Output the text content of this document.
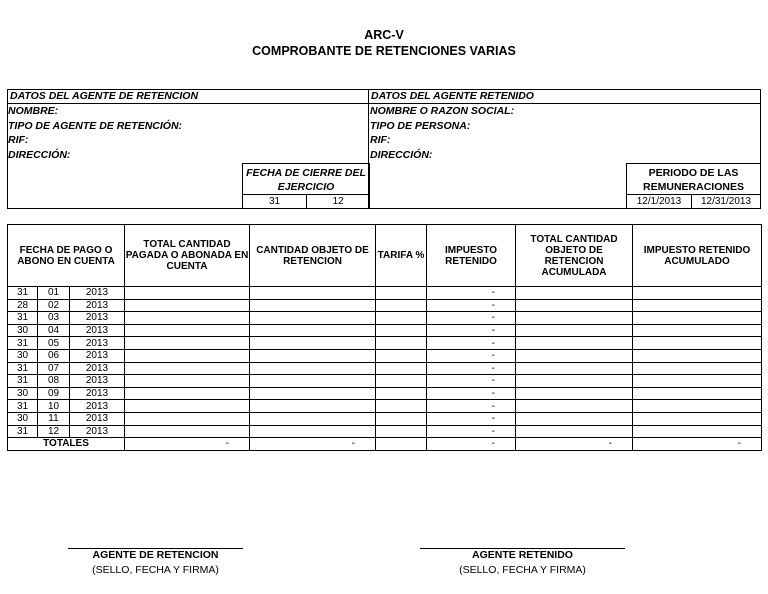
ARC-V
COMPROBANTE DE RETENCIONES VARIAS
DATOS DEL AGENTE DE RETENCION
NOMBRE:
TIPO DE AGENTE DE RETENCIÓN:
RIF:
DIRECCIÓN:
FECHA DE CIERRE DEL EJERCICIO
31	12
DATOS DEL AGENTE RETENIDO
NOMBRE O RAZON SOCIAL:
TIPO DE PERSONA:
RIF:
DIRECCIÓN:
PERIODO DE LAS REMUNERACIONES
12/1/2013	12/31/2013
FECHA DE PAGO O ABONO EN CUENTA			TOTAL CANTIDAD PAGADA O ABONADA EN CUENTA	CANTIDAD OBJETO DE RETENCION	TARIFA %	IMPUESTO RETENIDO	TOTAL CANTIDAD OBJETO DE RETENCION ACUMULADA	IMPUESTO RETENIDO ACUMULADO
31	01	2013				-		
28	02	2013				-		
31	03	2013				-		
30	04	2013				-		
31	05	2013				-		
30	06	2013				-		
31	07	2013				-		
31	08	2013				-		
30	09	2013				-		
31	10	2013				-		
30	11	2013				-		
31	12	2013				-		
TOTALES			-	-		-	-	-
AGENTE DE RETENCION
(SELLO, FECHA Y FIRMA)
AGENTE RETENIDO
(SELLO, FECHA Y FIRMA)
